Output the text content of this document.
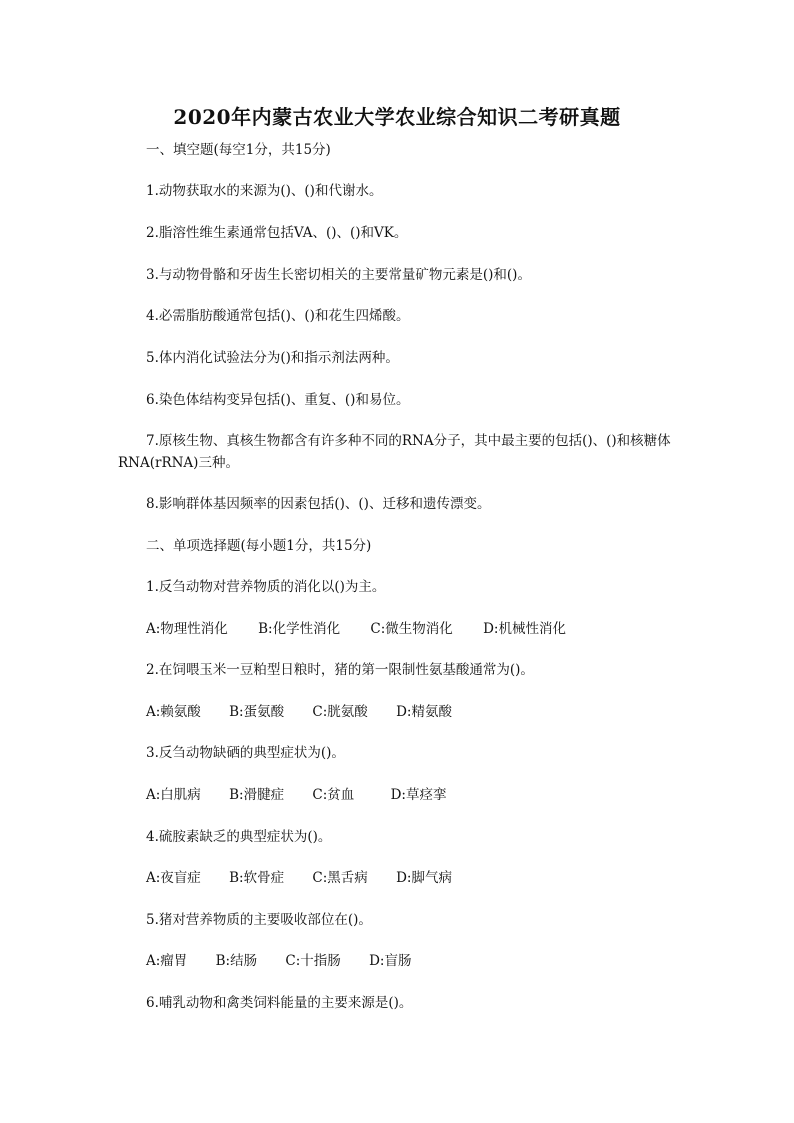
2020年内蒙古农业大学农业综合知识二考研真题
一、填空题(每空1分，共15分)
1.动物获取水的来源为()、()和代谢水。
2.脂溶性维生素通常包括VA、()、()和VK。
3.与动物骨骼和牙齿生长密切相关的主要常量矿物元素是()和()。
4.必需脂肪酸通常包括()、()和花生四烯酸。
5.体内消化试验法分为()和指示剂法两种。
6.染色体结构变异包括()、重复、()和易位。
7.原核生物、真核生物都含有许多种不同的RNA分子，其中最主要的包括()、()和核糖体RNA(rRNA)三种。
8.影响群体基因频率的因素包括()、()、迁移和遗传漂变。
二、单项选择题(每小题1分，共15分)
1.反刍动物对营养物质的消化以()为主。
A:物理性消化 B:化学性消化 C:微生物消化 D:机械性消化
2.在饲喂玉米一豆粕型日粮时，猪的第一限制性氨基酸通常为()。
A:赖氨酸 B:蛋氨酸 C:胱氨酸 D:精氨酸
3.反刍动物缺硒的典型症状为()。
A:白肌病 B:滑腱症 C:贫血	D:草痉挛
4.硫胺素缺乏的典型症状为()。
A:夜盲症 B:软骨症 C:黑舌病 D:脚气病
5.猪对营养物质的主要吸收部位在()。
A:瘤胃 B:结肠 C:十指肠 D:盲肠
6.哺乳动物和禽类饲料能量的主要来源是()。
